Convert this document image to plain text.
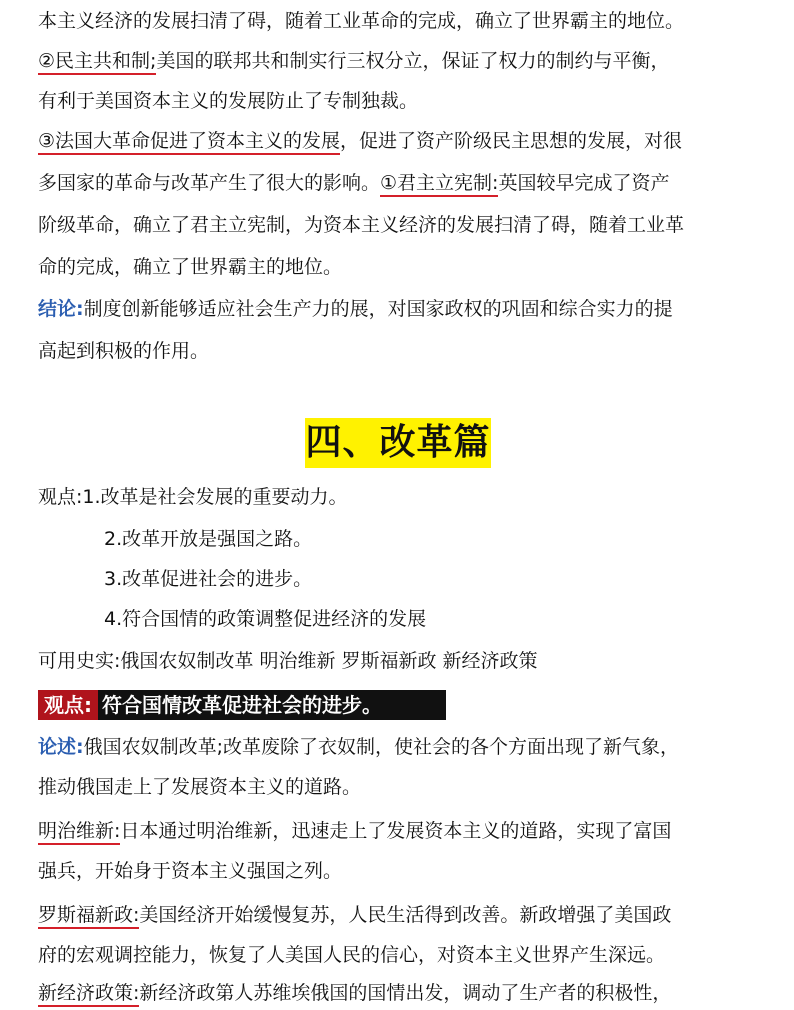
本主义经济的发展扫清了碍，随着工业革命的完成，确立了世界霸主的地位。
②民主共和制;美国的联邦共和制实行三权分立，保证了权力的制约与平衡，
有利于美国资本主义的发展防止了专制独裁。
③法国大革命促进了资本主义的发展，促进了资产阶级民主思想的发展，对很
多国家的革命与改革产生了很大的影响。①君主立宪制:英国较早完成了资产
阶级革命，确立了君主立宪制，为资本主义经济的发展扫清了碍，随着工业革
命的完成，确立了世界霸主的地位。
结论:制度创新能够适应社会生产力的展，对国家政权的巩固和综合实力的提
高起到积极的作用。
四、改革篇
观点:1.改革是社会发展的重要动力。
2.改革开放是强国之路。
3.改革促进社会的进步。
4.符合国情的政策调整促进经济的发展
可用史实:俄国农奴制改革 明治维新 罗斯福新政 新经济政策
观点: 符合国情改革促进社会的进步。
论述:俄国农奴制改革;改革废除了衣奴制，使社会的各个方面出现了新气象，
推动俄国走上了发展资本主义的道路。
明治维新:日本通过明治维新，迅速走上了发展资本主义的道路，实现了富国
强兵，开始身于资本主义强国之列。
罗斯福新政:美国经济开始缓慢复苏，人民生活得到改善。新政增强了美国政
府的宏观调控能力，恢复了人美国人民的信心，对资本主义世界产生深远。
新经济政策:新经济政第人苏维埃俄国的国情出发，调动了生产者的积极性，
